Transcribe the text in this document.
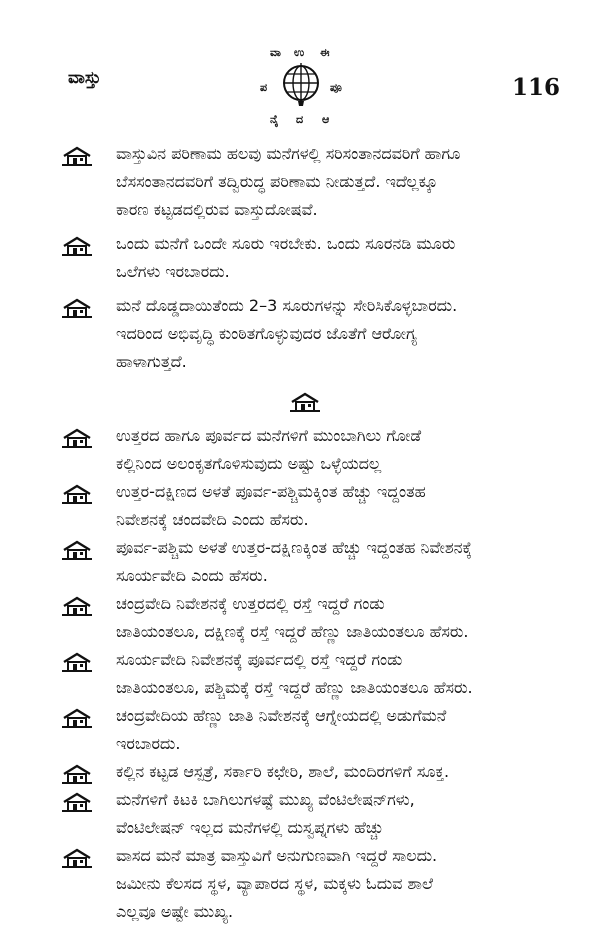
ವಾಸ್ತು
ವಾ ಉ ಈ
ಪ	ಪೂ
ನೈ ದ ಆ
116
ವಾಸ್ತುವಿನ ಪರಿಣಾಮ ಹಲವು ಮನೆಗಳಲ್ಲಿ ಸರಿಸಂತಾನದವರಿಗೆ ಹಾಗೂ
ಬೆಸಸಂತಾನದವರಿಗೆ ತದ್ವಿರುದ್ಧ ಪರಿಣಾಮ ನೀಡುತ್ತದೆ. ಇದೆಲ್ಲಕ್ಕೂ
ಕಾರಣ ಕಟ್ಟಡದಲ್ಲಿರುವ ವಾಸ್ತುದೋಷವೆ.
ಒಂದು ಮನೆಗೆ ಒಂದೇ ಸೂರು ಇರಬೇಕು. ಒಂದು ಸೂರನಡಿ ಮೂರು
ಒಲೆಗಳು ಇರಬಾರದು.
ಮನೆ ದೊಡ್ಡದಾಯಿತೆಂದು 2–3 ಸೂರುಗಳನ್ನು ಸೇರಿಸಿಕೊಳ್ಳಬಾರದು.
ಇದರಿಂದ ಅಭಿವೃದ್ಧಿ ಕುಂಠಿತಗೊಳ್ಳುವುದರ ಜೊತೆಗೆ ಆರೋಗ್ಯ
ಹಾಳಾಗುತ್ತದೆ.
ಉತ್ತರದ ಹಾಗೂ ಪೂರ್ವದ ಮನೆಗಳಿಗೆ ಮುಂಬಾಗಿಲು ಗೋಡೆ
ಕಲ್ಲಿನಿಂದ ಅಲಂಕೃತಗೊಳಿಸುವುದು ಅಷ್ಟು ಒಳ್ಳೆಯದಲ್ಲ
ಉತ್ತರ-ದಕ್ಷಿಣದ ಅಳತೆ ಪೂರ್ವ-ಪಶ್ಚಿಮಕ್ಕಿಂತ ಹೆಚ್ಚು ಇದ್ದಂತಹ
ನಿವೇಶನಕ್ಕೆ ಚಂದವೇದಿ ಎಂದು ಹೆಸರು.
ಪೂರ್ವ-ಪಶ್ಚಿಮ ಅಳತೆ ಉತ್ತರ-ದಕ್ಷಿಣಕ್ಕಿಂತ ಹೆಚ್ಚು ಇದ್ದಂತಹ ನಿವೇಶನಕ್ಕೆ
ಸೂರ್ಯವೇದಿ ಎಂದು ಹೆಸರು.
ಚಂದ್ರವೇದಿ ನಿವೇಶನಕ್ಕೆ ಉತ್ತರದಲ್ಲಿ ರಸ್ತೆ ಇದ್ದರೆ ಗಂಡು
ಜಾತಿಯಂತಲೂ, ದಕ್ಷಿಣಕ್ಕೆ ರಸ್ತೆ ಇದ್ದರೆ ಹೆಣ್ಣು ಜಾತಿಯಂತಲೂ ಹೆಸರು.
ಸೂರ್ಯವೇದಿ ನಿವೇಶನಕ್ಕೆ ಪೂರ್ವದಲ್ಲಿ ರಸ್ತೆ ಇದ್ದರೆ ಗಂಡು
ಜಾತಿಯಂತಲೂ, ಪಶ್ಚಿಮಕ್ಕೆ ರಸ್ತೆ ಇದ್ದರೆ ಹೆಣ್ಣು ಜಾತಿಯಂತಲೂ ಹೆಸರು.
ಚಂದ್ರವೇದಿಯ ಹೆಣ್ಣು ಜಾತಿ ನಿವೇಶನಕ್ಕೆ ಆಗ್ನೇಯದಲ್ಲಿ ಅಡುಗೆಮನೆ
ಇರಬಾರದು.
ಕಲ್ಲಿನ ಕಟ್ಟಡ ಆಸ್ಪತ್ರೆ, ಸರ್ಕಾರಿ ಕಛೇರಿ, ಶಾಲೆ, ಮಂದಿರಗಳಿಗೆ ಸೂಕ್ತ.
ಮನೆಗಳಿಗೆ ಕಿಟಕಿ ಬಾಗಿಲುಗಳಷ್ಟೆ ಮುಖ್ಯ ವೆಂಟಿಲೇಷನ್‌ಗಳು,
ವೆಂಟಿಲೇಷನ್ ಇಲ್ಲದ ಮನೆಗಳಲ್ಲಿ ದುಸ್ವಪ್ನಗಳು ಹೆಚ್ಚು
ವಾಸದ ಮನೆ ಮಾತ್ರ ವಾಸ್ತುವಿಗೆ ಅನುಗುಣವಾಗಿ ಇದ್ದರೆ ಸಾಲದು.
ಜಮೀನು ಕೆಲಸದ ಸ್ಥಳ, ವ್ಯಾಪಾರದ ಸ್ಥಳ, ಮಕ್ಕಳು ಓದುವ ಶಾಲೆ
ಎಲ್ಲವೂ ಅಷ್ಟೇ ಮುಖ್ಯ.
